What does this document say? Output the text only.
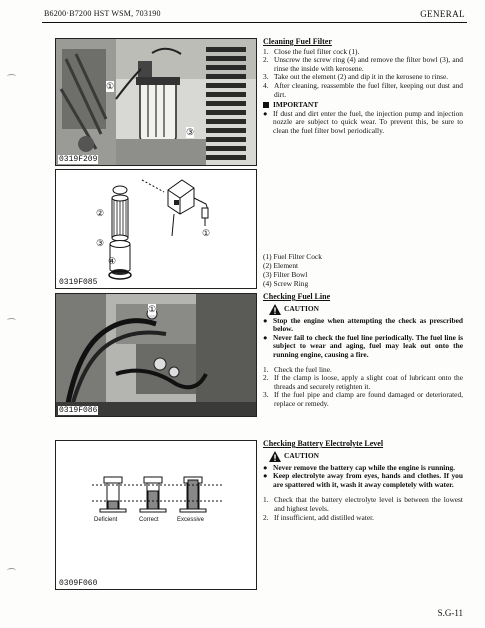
B6200·B7200 HST WSM, 703190	GENERAL
①
③
0319F209
②
③
④
①
0319F085
①
0319F086
Deficient	Correct	Excessive
0309F060
Cleaning Fuel Filter
1. Close the fuel filter cock (1).
2. Unscrew the screw ring (4) and remove the filter bowl (3), and rinse the inside with kerosene.
3. Take out the element (2) and dip it in the kerosene to rinse.
4. After cleaning, reassemble the fuel filter, keeping out dust and dirt.
IMPORTANT
● If dust and dirt enter the fuel, the injection pump and injection nozzle are subject to quick wear. To prevent this, be sure to clean the fuel filter bowl periodically.
(1) Fuel Filter Cock
(2) Element
(3) Filter Bowl
(4) Screw Ring
Checking Fuel Line
CAUTION
● Stop the engine when attempting the check as prescribed below.
● Never fail to check the fuel line periodically. The fuel line is subject to wear and aging, fuel may leak out onto the running engine, causing a fire.
1. Check the fuel line.
2. If the clamp is loose, apply a slight coat of lubricant onto the threads and securely retighten it.
3. If the fuel pipe and clamp are found damaged or deteriorated, replace or remedy.
Checking Battery Electrolyte Level
CAUTION
● Never remove the battery cap while the engine is running.
● Keep electrolyte away from eyes, hands and clothes. If you are spattered with it, wash it away completely with water.
1. Check that the battery electrolyte level is between the lowest and highest levels.
2. If insufficient, add distilled water.
S.G-11
